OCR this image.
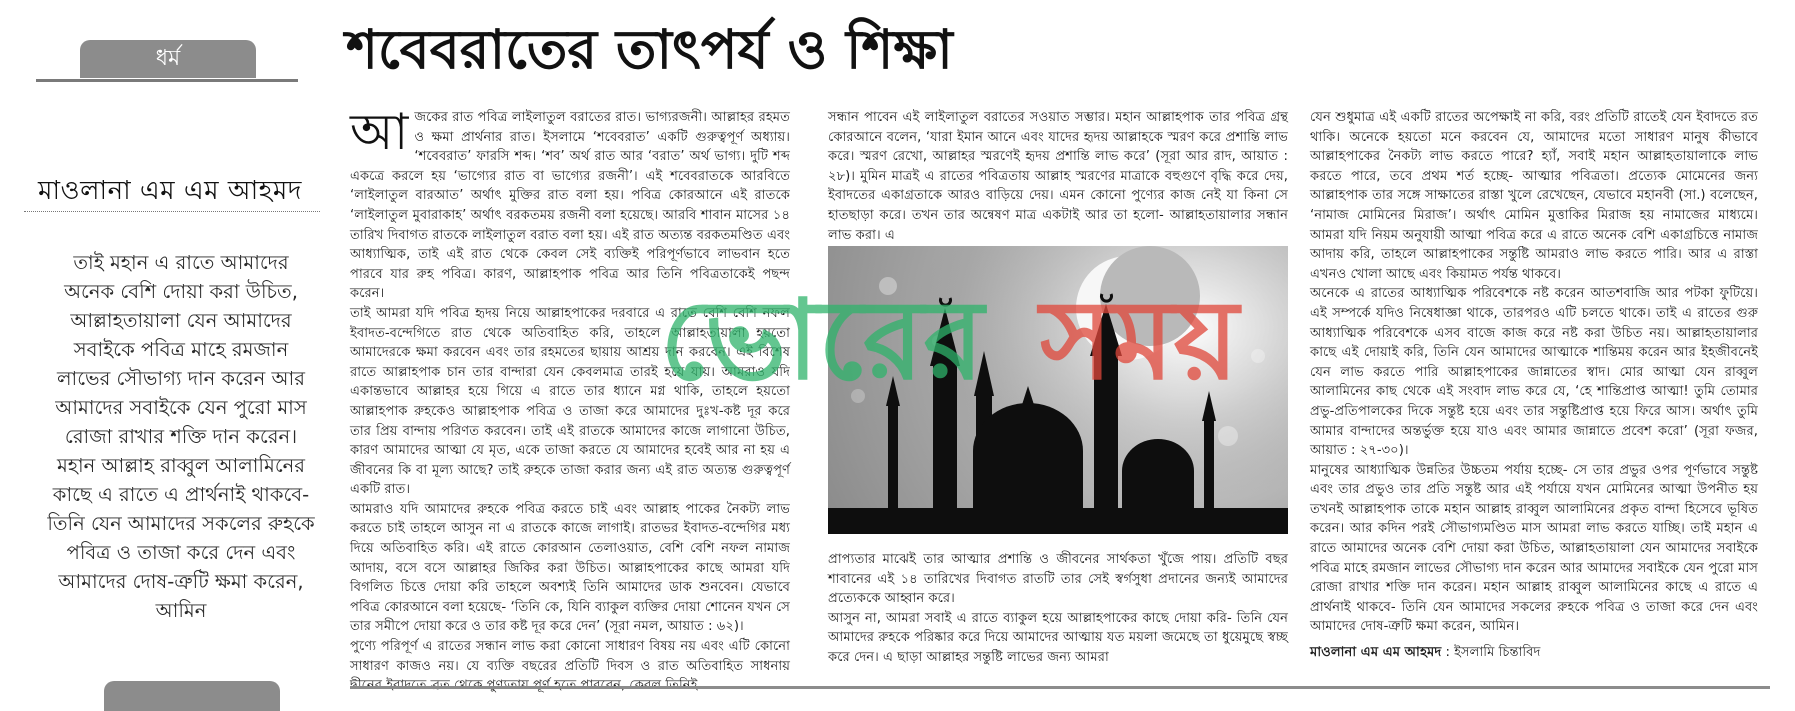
ধর্ম
মাওলানা এম এম আহমদ
তাই মহান এ রাতে আমাদের অনেক বেশি দোয়া করা উচিত, আল্লাহতায়ালা যেন আমাদের সবাইকে পবিত্র মাহে রমজান লাভের সৌভাগ্য দান করেন আর আমাদের সবাইকে যেন পুরো মাস রোজা রাখার শক্তি দান করেন। মহান আল্লাহ রাব্বুল আলামিনের কাছে এ রাতে এ প্রার্থনাই থাকবে- তিনি যেন আমাদের সকলের রুহকে পবিত্র ও তাজা করে দেন এবং আমাদের দোষ-ত্রুটি ক্ষমা করেন, আমিন
শবেবরাতের তাৎপর্য ও শিক্ষা
আ জকের রাত পবিত্র লাইলাতুল বরাতের রাত। ভাগ্যরজনী। আল্লাহর রহমত ও ক্ষমা প্রার্থনার রাত। ইসলামে ‘শবেবরাত’ একটি গুরুত্বপূর্ণ অধ্যায়। ‘শবেবরাত’ ফারসি শব্দ। ‘শব’ অর্থ রাত আর ‘বরাত’ অর্থ ভাগ্য। দুটি শব্দ একত্রে করলে হয় ‘ভাগ্যের রাত বা ভাগ্যের রজনী’। এই শবেবরাতকে আরবিতে ‘লাইলাতুল বারআত’ অর্থাৎ মুক্তির রাত বলা হয়। পবিত্র কোরআনে এই রাতকে ‘লাইলাতুল মুবারাকাহ’ অর্থাৎ বরকতময় রজনী বলা হয়েছে। আরবি শাবান মাসের ১৪ তারিখ দিবাগত রাতকে লাইলাতুল বরাত বলা হয়। এই রাত অত্যন্ত বরকতমণ্ডিত এবং আধ্যাত্মিক, তাই এই রাত থেকে কেবল সেই ব্যক্তিই পরিপূর্ণভাবে লাভবান হতে পারবে যার রুহ পবিত্র। কারণ, আল্লাহপাক পবিত্র আর তিনি পবিত্রতাকেই পছন্দ করেন।

তাই আমরা যদি পবিত্র হৃদয় নিয়ে আল্লাহপাকের দরবারে এ রাতে বেশি বেশি নফল ইবাদত-বন্দেগিতে রাত থেকে অতিবাহিত করি, তাহলে আল্লাহতায়ালা হয়তো আমাদেরকে ক্ষমা করবেন এবং তার রহমতের ছায়ায় আশ্রয় দান করবেন। এই বিশেষ রাতে আল্লাহপাক চান তার বান্দারা যেন কেবলমাত্র তারই হয়ে যায়। আমরাও যদি একান্তভাবে আল্লাহর হয়ে গিয়ে এ রাতে তার ধ্যানে মগ্ন থাকি, তাহলে হয়তো আল্লাহপাক রুহকেও আল্লাহপাক পবিত্র ও তাজা করে আমাদের দুঃখ-কষ্ট দূর করে তার প্রিয় বান্দায় পরিণত করবেন। তাই এই রাতকে আমাদের কাজে লাগানো উচিত, কারণ আমাদের আত্মা যে মৃত, একে তাজা করতে যে আমাদের হবেই আর না হয় এ জীবনের কি বা মূল্য আছে? তাই রুহকে তাজা করার জন্য এই রাত অত্যন্ত গুরুত্বপূর্ণ একটি রাত।

আমরাও যদি আমাদের রুহকে পবিত্র করতে চাই এবং আল্লাহ পাকের নৈকট্য লাভ করতে চাই তাহলে আসুন না এ রাতকে কাজে লাগাই। রাতভর ইবাদত-বন্দেগির মধ্য দিয়ে অতিবাহিত করি। এই রাতে কোরআন তেলাওয়াত, বেশি বেশি নফল নামাজ আদায়, বসে বসে আল্লাহর জিকির করা উচিত। আল্লাহপাকের কাছে আমরা যদি বিগলিত চিত্তে দোয়া করি তাহলে অবশ্যই তিনি আমাদের ডাক শুনবেন। যেভাবে পবিত্র কোরআনে বলা হয়েছে- ‘তিনি কে, যিনি ব্যাকুল ব্যক্তির দোয়া শোনেন যখন সে তার সমীপে দোয়া করে ও তার কষ্ট দূর করে দেন’ (সূরা নমল, আয়াত : ৬২)।

পুণ্যে পরিপূর্ণ এ রাতের সন্ধান লাভ করা কোনো সাধারণ বিষয় নয় এবং এটি কোনো সাধারণ কাজও নয়। যে ব্যক্তি বছরের প্রতিটি দিবস ও রাত অতিবাহিত সাধনায়

সন্ধান পাবেন এই লাইলাতুল বরাতের সওয়াত সম্ভার। মহান আল্লাহপাক তার পবিত্র গ্রন্থ কোরআনে বলেন, ‘যারা ইমান আনে এবং যাদের হৃদয় আল্লাহকে স্মরণ করে প্রশান্তি লাভ করে। স্মরণ রেখো, আল্লাহর স্মরণেই হৃদয় প্রশান্তি লাভ করে’ (সূরা আর রাদ, আয়াত : ২৮)। মুমিন মাত্রই এ রাতের পবিত্রতায় আল্লাহ স্মরণের মাত্রাকে বহুগুণে বৃদ্ধি করে দেয়, ইবাদতের একাগ্রতাকে আরও বাড়িয়ে দেয়। এমন কোনো পুণ্যের কাজ নেই যা কিনা সে হাতছাড়া করে। তখন তার অন্বেষণ মাত্র একটাই আর তা হলো- আল্লাহতায়ালার সন্ধান লাভ করা। এ

প্রাপ্যতার মাঝেই তার আত্মার প্রশান্তি ও জীবনের সার্থকতা খুঁজে পায়। প্রতিটি বছর শাবানের এই ১৪ তারিখের দিবাগত রাতটি তার সেই স্বর্গসুধা প্রদানের জন্যই আমাদের প্রত্যেককে আহ্বান করে।

আসুন না, আমরা সবাই এ রাতে ব্যাকুল হয়ে আল্লাহপাকের কাছে দোয়া করি- তিনি যেন আমাদের রুহকে পরিষ্কার করে দিয়ে আমাদের আত্মায় যত ময়লা জমেছে তা ধুয়েমুছে স্বচ্ছ করে দেন। এ ছাড়া আল্লাহর সন্তুষ্টি লাভের জন্য আমরা

যেন শুধুমাত্র এই একটি রাতের অপেক্ষাই না করি, বরং প্রতিটি রাতেই যেন ইবাদতে রত থাকি। অনেকে হয়তো মনে করবেন যে, আমাদের মতো সাধারণ মানুষ কীভাবে আল্লাহপাকের নৈকট্য লাভ করতে পারে? হ্যাঁ, সবাই মহান আল্লাহতায়ালাকে লাভ করতে পারে, তবে প্রথম শর্ত হচ্ছে- আত্মার পবিত্রতা। প্রত্যেক মোমেনের জন্য আল্লাহপাক তার সঙ্গে সাক্ষাতের রাস্তা খুলে রেখেছেন, যেভাবে মহানবী (সা.) বলেছেন, ‘নামাজ মোমিনের মিরাজ’। অর্থাৎ মোমিন মুত্তাকির মিরাজ হয় নামাজের মাধ্যমে। আমরা যদি নিয়ম অনুযায়ী আত্মা পবিত্র করে এ রাতে অনেক বেশি একাগ্রচিত্তে নামাজ আদায় করি, তাহলে আল্লাহপাকের সন্তুষ্টি আমরাও লাভ করতে পারি। আর এ রাস্তা এখনও খোলা আছে এবং কিয়ামত পর্যন্ত থাকবে।

অনেকে এ রাতের আধ্যাত্মিক পরিবেশকে নষ্ট করেন আতশবাজি আর পটকা ফুটিয়ে। এই সম্পর্কে যদিও নিষেধাজ্ঞা থাকে, তারপরও এটি চলতে থাকে। তাই এ রাতের গুরু আধ্যাত্মিক পরিবেশকে এসব বাজে কাজ করে নষ্ট করা উচিত নয়। আল্লাহতায়ালার কাছে এই দোয়াই করি, তিনি যেন আমাদের আত্মাকে শান্তিময় করেন আর ইহজীবনেই যেন লাভ করতে পারি আল্লাহপাকের জান্নাতের স্বাদ। মোর আত্মা যেন রাব্বুল আলামিনের কাছ থেকে এই সংবাদ লাভ করে যে, ‘হে শান্তিপ্রাপ্ত আত্মা! তুমি তোমার প্রভু-প্রতিপালকের দিকে সন্তুষ্ট হয়ে এবং তার সন্তুষ্টিপ্রাপ্ত হয়ে ফিরে আস। অর্থাৎ তুমি আমার বান্দাদের অন্তর্ভুক্ত হয়ে যাও এবং আমার জান্নাতে প্রবেশ করো’ (সূরা ফজর, আয়াত : ২৭-৩০)।

মানুষের আধ্যাত্মিক উন্নতির উচ্চতম পর্যায় হচ্ছে- সে তার প্রভুর ওপর পূর্ণভাবে সন্তুষ্ট এবং তার প্রভুও তার প্রতি সন্তুষ্ট আর এই পর্যায়ে যখন মোমিনের আত্মা উপনীত হয় তখনই আল্লাহপাক তাকে মহান আল্লাহ রাব্বুল আলামিনের প্রকৃত বান্দা হিসেবে ভূষিত করেন। আর কদিন পরই সৌভাগ্যমণ্ডিত মাস আমরা লাভ করতে যাচ্ছি। তাই মহান এ রাতে আমাদের অনেক বেশি দোয়া করা উচিত, আল্লাহতায়ালা যেন আমাদের সবাইকে পবিত্র মাহে রমজান লাভের সৌভাগ্য দান করেন আর আমাদের সবাইকে যেন পুরো মাস রোজা রাখার শক্তি দান করেন। মহান আল্লাহ রাব্বুল আলামিনের কাছে এ রাতে এ প্রার্থনাই থাকবে- তিনি যেন আমাদের সকলের রুহকে পবিত্র ও তাজা করে দেন এবং আমাদের দোষ-ত্রুটি ক্ষমা করেন, আমিন।

মাওলানা এম এম আহমদ : ইসলামি চিন্তাবিদ
ভোরের সময়
